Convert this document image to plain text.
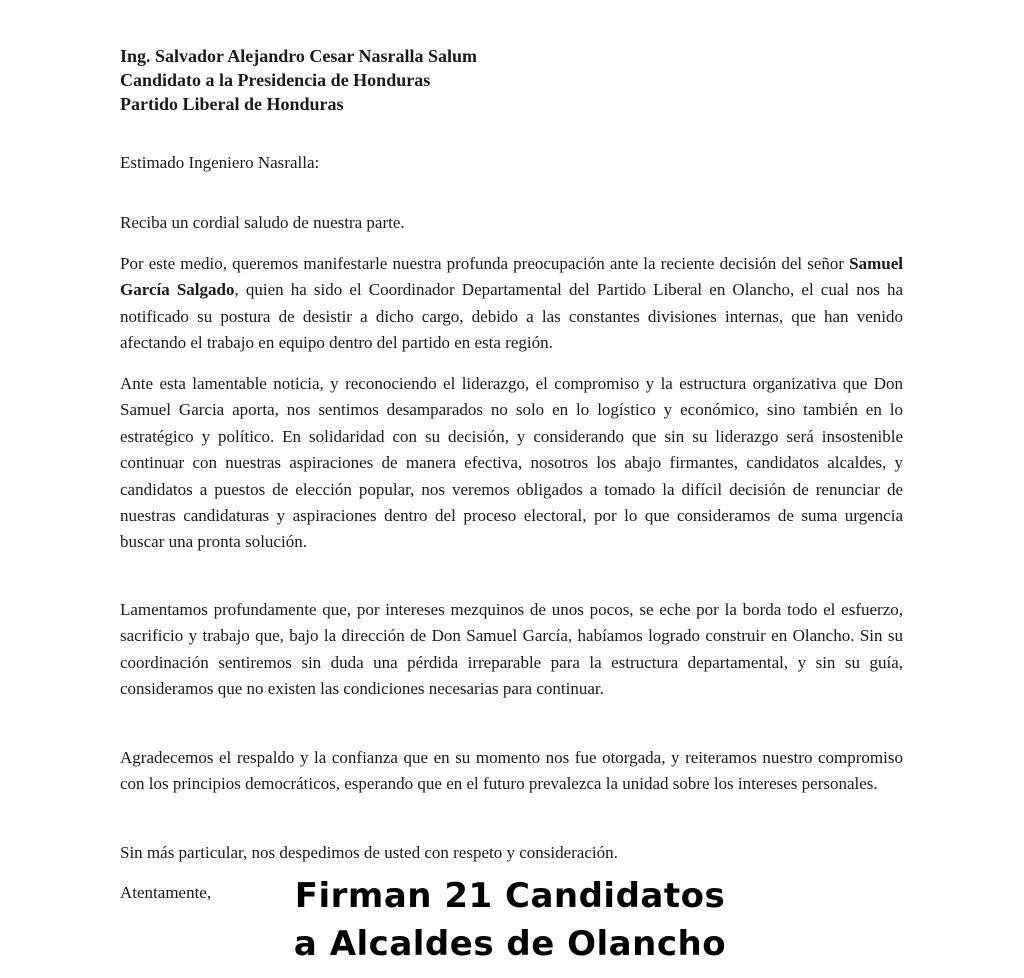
Ing. Salvador Alejandro Cesar Nasralla Salum
Candidato a la Presidencia de Honduras
Partido Liberal de Honduras
Estimado Ingeniero Nasralla:
Reciba un cordial saludo de nuestra parte.

Por este medio, queremos manifestarle nuestra profunda preocupación ante la reciente decisión del señor Samuel García Salgado, quien ha sido el Coordinador Departamental del Partido Liberal en Olancho, el cual nos ha notificado su postura de desistir a dicho cargo, debido a las constantes divisiones internas, que han venido afectando el trabajo en equipo dentro del partido en esta región.

Ante esta lamentable noticia, y reconociendo el liderazgo, el compromiso y la estructura organizativa que Don Samuel Garcia aporta, nos sentimos desamparados no solo en lo logístico y económico, sino también en lo estratégico y político. En solidaridad con su decisión, y considerando que sin su liderazgo será insostenible continuar con nuestras aspiraciones de manera efectiva, nosotros los abajo firmantes, candidatos alcaldes, y candidatos a puestos de elección popular, nos veremos obligados a tomado la difícil decisión de renunciar de nuestras candidaturas y aspiraciones dentro del proceso electoral, por lo que consideramos de suma urgencia buscar una pronta solución.

Lamentamos profundamente que, por intereses mezquinos de unos pocos, se eche por la borda todo el esfuerzo, sacrificio y trabajo que, bajo la dirección de Don Samuel García, habíamos logrado construir en Olancho. Sin su coordinación sentiremos sin duda una pérdida irreparable para la estructura departamental, y sin su guía, consideramos que no existen las condiciones necesarias para continuar.

Agradecemos el respaldo y la confianza que en su momento nos fue otorgada, y reiteramos nuestro compromiso con los principios democráticos, esperando que en el futuro prevalezca la unidad sobre los intereses personales.

Sin más particular, nos despedimos de usted con respeto y consideración.
Atentamente,	Firman 21 Candidatos
a Alcaldes de Olancho
